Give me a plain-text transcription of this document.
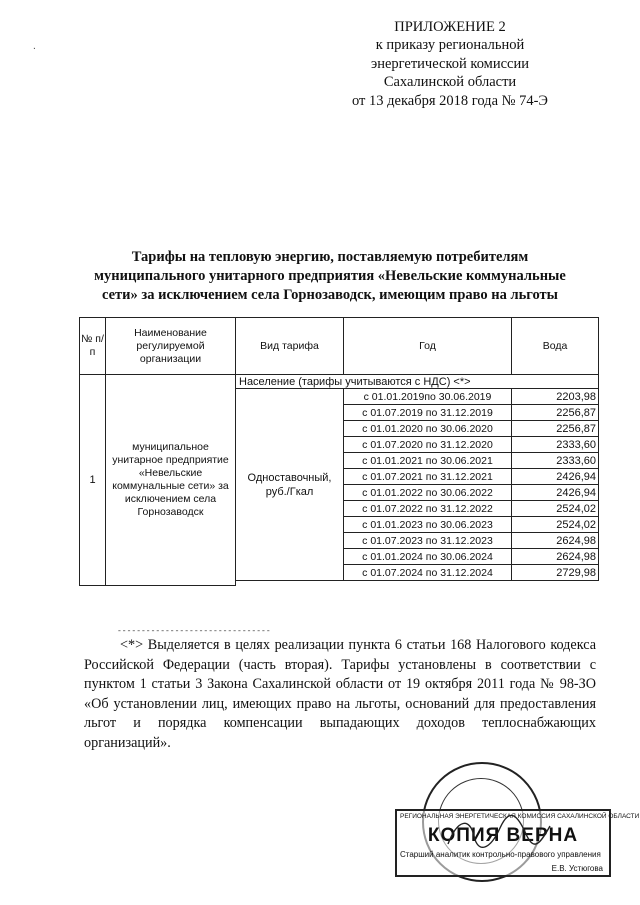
ˑ
ПРИЛОЖЕНИЕ 2
к приказу региональной
энергетической комиссии
Сахалинской области
от 13 декабря 2018 года № 74-Э
Тарифы на тепловую энергию, поставляемую потребителям
муниципального унитарного предприятия «Невельские коммунальные
сети» за исключением села Горнозаводск, имеющим право на льготы
№ п/п	Наименование регулируемой организации	Вид тарифа	Год	Вода
1	муниципальное унитарное предприятие «Невельские коммунальные сети» за исключением села Горнозаводск	Население (тарифы учитываются с НДС) <*>		
		Одноставочный, руб./Гкал	с 01.01.2019по 30.06.2019	2203,98
			с 01.07.2019 по 31.12.2019	2256,87
			с 01.01.2020 по 30.06.2020	2256,87
			с 01.07.2020 по 31.12.2020	2333,60
			с 01.01.2021 по 30.06.2021	2333,60
			с 01.07.2021 по 31.12.2021	2426,94
			с 01.01.2022 по 30.06.2022	2426,94
			с 01.07.2022 по 31.12.2022	2524,02
			с 01.01.2023 по 30.06.2023	2524,02
			с 01.07.2023 по 31.12.2023	2624,98
			с 01.01.2024 по 30.06.2024	2624,98
			с 01.07.2024 по 31.12.2024	2729,98

--------------------------------
<*> Выделяется в целях реализации пункта 6 статьи 168 Налогового кодекса Российской Федерации (часть вторая). Тарифы установлены в соответствии с пунктом 1 статьи 3 Закона Сахалинской области от 19 октября 2011 года № 98-ЗО «Об установлении лиц, имеющих право на льготы, оснований для предоставления льгот и порядка компенсации выпадающих доходов теплоснабжающих организаций».
РЕГИОНАЛЬНАЯ ЭНЕРГЕТИЧЕСКАЯ КОМИССИЯ САХАЛИНСКОЙ ОБЛАСТИ
КОПИЯ ВЕРНА
Старший аналитик контрольно-правового управления
Е.В. Устюгова
